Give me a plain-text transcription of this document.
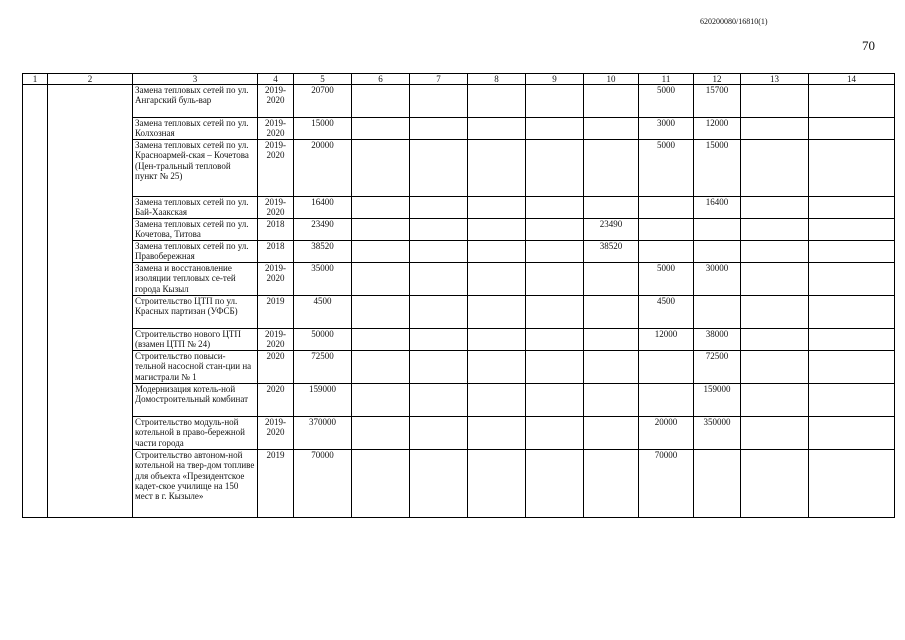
620200080/16810(1)
70
1	2	3	4	5	6	7	8	9	10	11	12	13	14
		Замена тепловых сетей по ул. Ангарский буль-вар	2019-2020	20700						5000	15700		
		Замена тепловых сетей по ул. Колхозная	2019-2020	15000						3000	12000		
		Замена тепловых сетей по ул. Красноармей-ская – Кочетова (Цен-тральный тепловой пункт № 25)	2019-2020	20000						5000	15000		
		Замена тепловых сетей по ул. Бай-Хаакская	2019-2020	16400							16400		
		Замена тепловых сетей по ул. Кочетова, Титова	2018	23490					23490				
		Замена тепловых сетей по ул. Правобережная	2018	38520					38520				
		Замена и восстановление изоляции тепловых се-тей города Кызыл	2019-2020	35000						5000	30000		
		Строительство ЦТП по ул. Красных партизан (УФСБ)	2019	4500						4500			
		Строительство нового ЦТП (взамен ЦТП № 24)	2019-2020	50000						12000	38000		
		Строительство повыси-тельной насосной стан-ции на магистрали № 1	2020	72500							72500		
		Модернизация котель-ной Домостроительный комбинат	2020	159000							159000		
		Строительство модуль-ной котельной в право-бережной части города	2019-2020	370000						20000	350000		
		Строительство автоном-ной котельной на твер-дом топливе для объекта «Президентское кадет-ское училище на 150 мест в г. Кызыле»	2019	70000						70000			
